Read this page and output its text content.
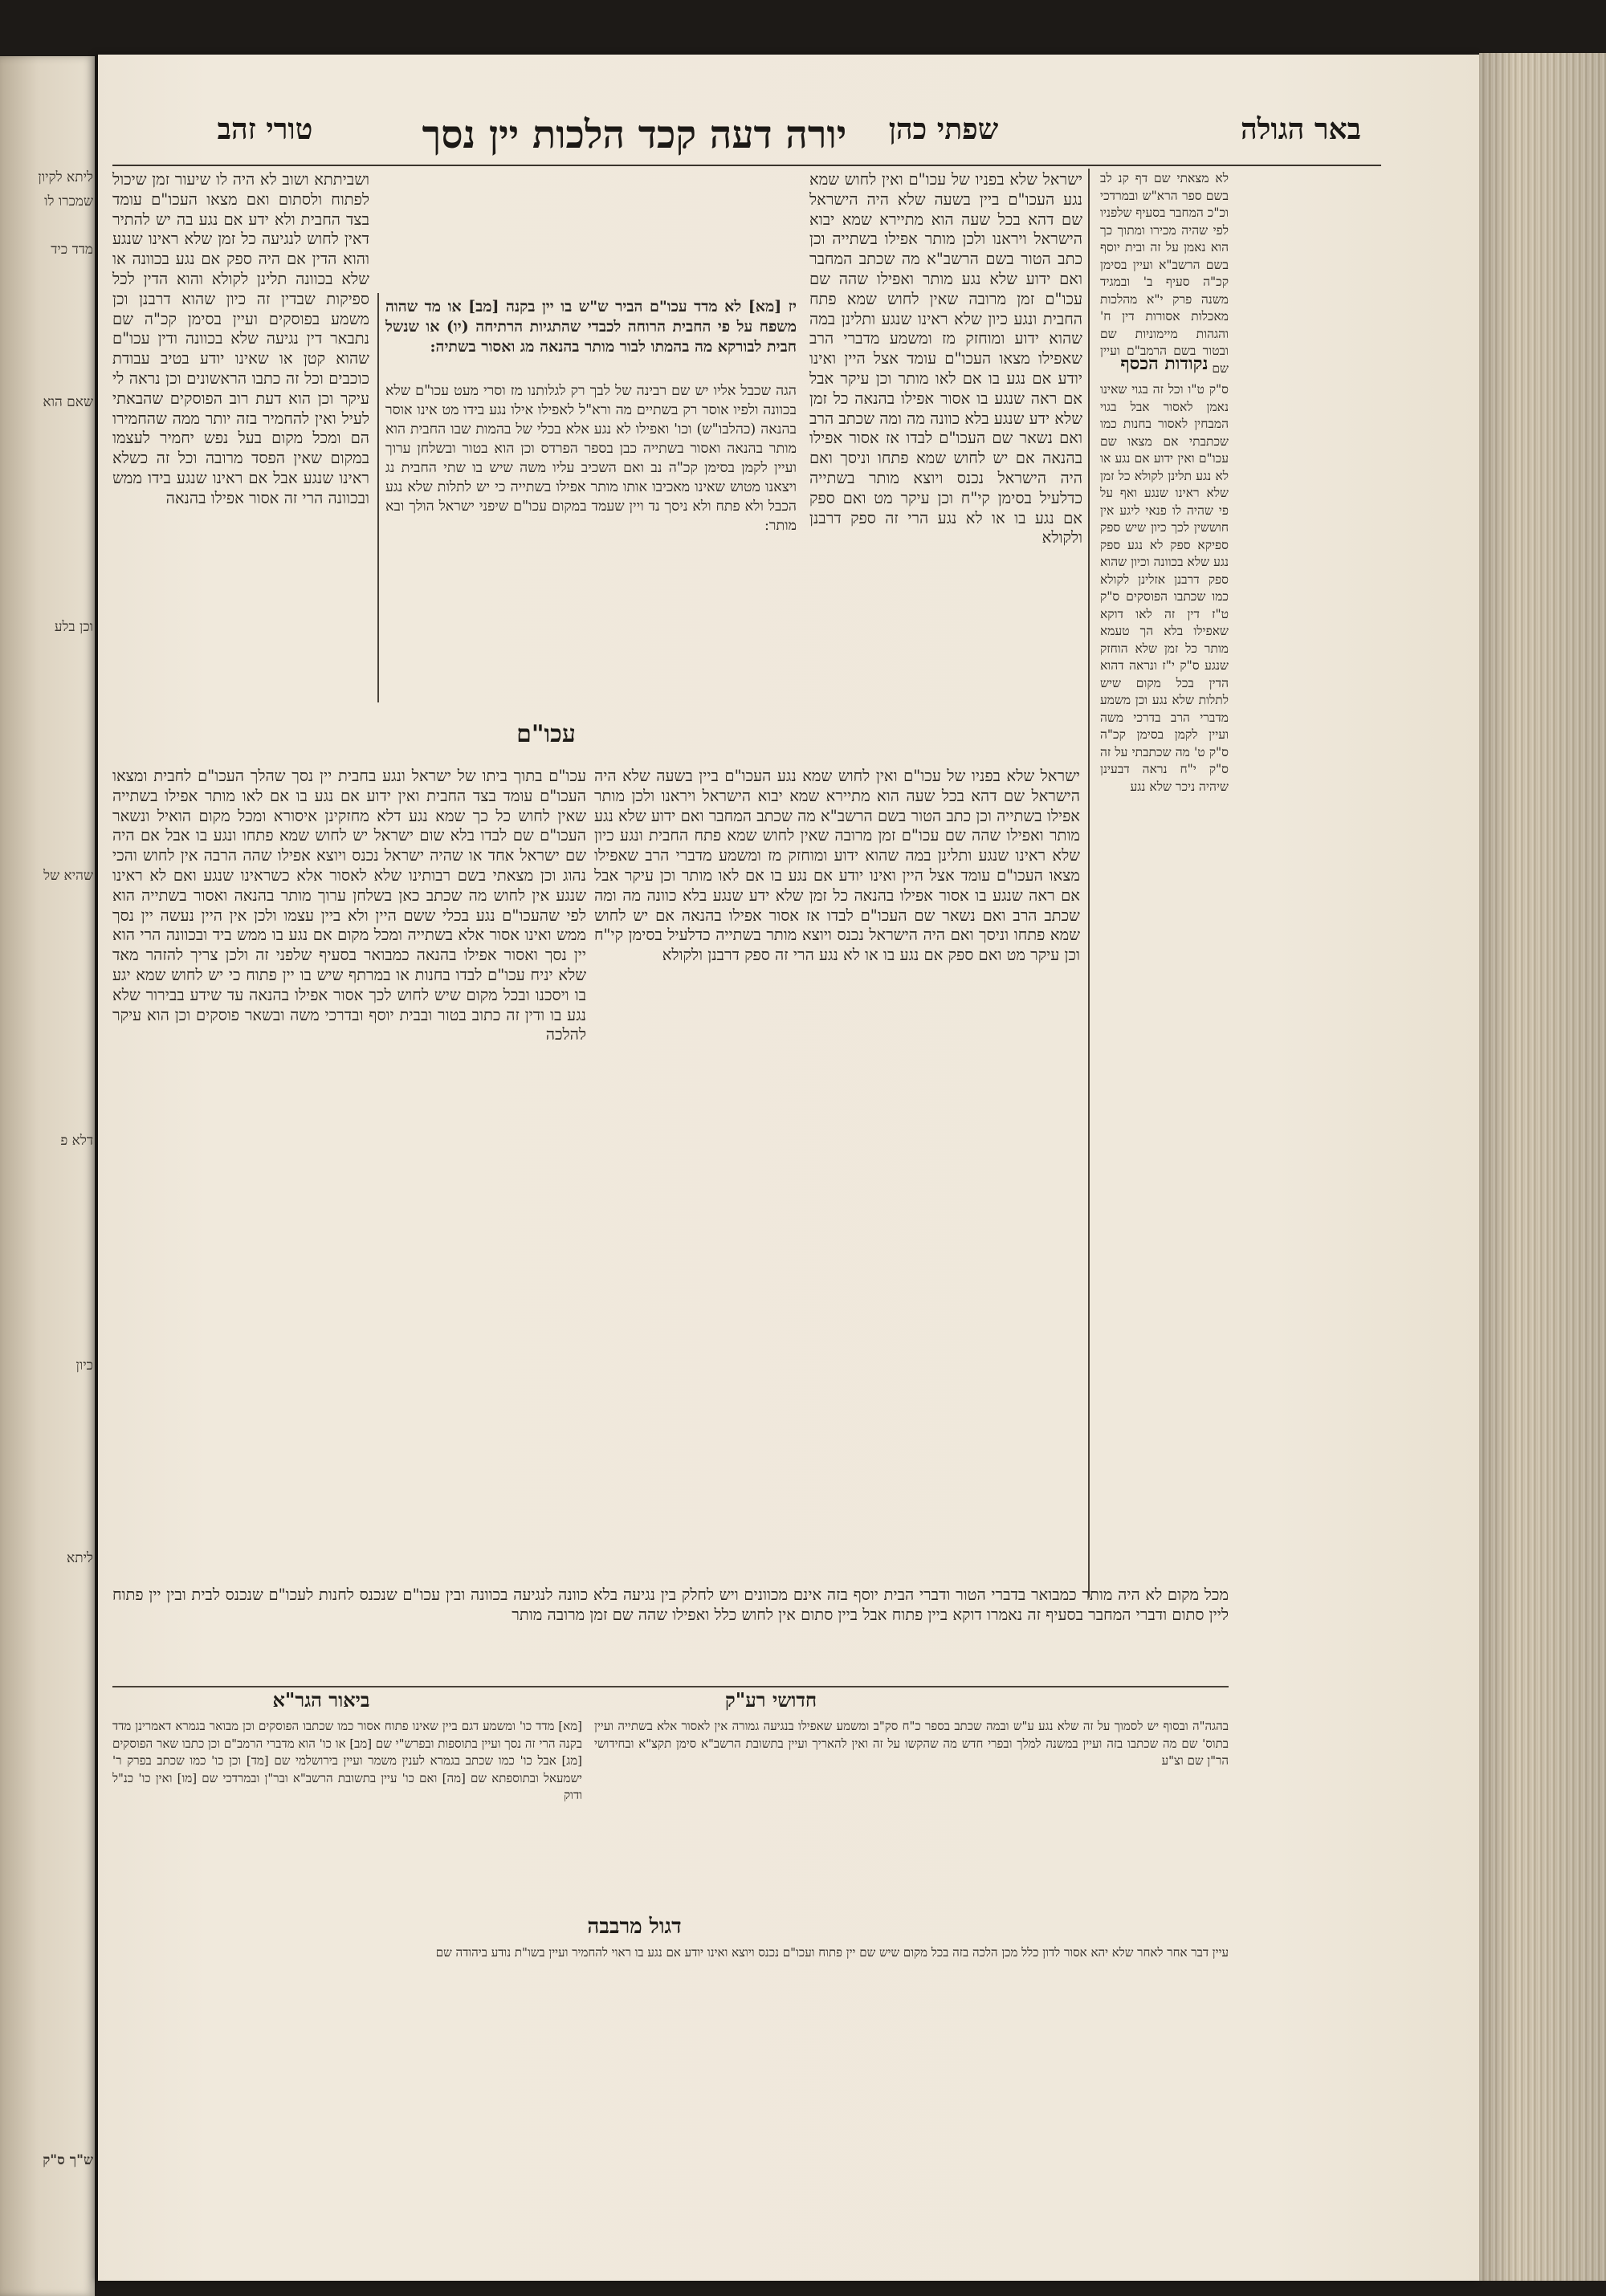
ליתא לקיון
שמכרו לו
מדד כיד
שאם הוא
וכן בלע
שהיא של
דלא פ
כיון
ליתא
ש"ך ס"ק
באר הגולה
שפתי כהן
יורה דעה קכד הלכות יין נסך
טורי זהב
לא מצאתי שם דף קנ לב בשם ספר הרא"ש ובמרדכי וכ"כ המחבר בסעיף שלפניו לפי שהיה מכירו ומתוך כך הוא נאמן על זה ובית יוסף בשם הרשב"א ועיין בסימן קכ"ה סעיף ב' ובמגיד משנה פרק י"א מהלכות מאכלות אסורות דין ח' והגהות מיימוניות שם ובטור בשם הרמב"ם ועיין שם
נקודות הכסף
ס"ק ט"ו וכל זה בגוי שאינו נאמן לאסור אבל בגוי המבחין לאסור בחנות כמו שכתבתי אם מצאו שם עכו"ם ואין ידוע אם נגע או לא נגע תלינן לקולא כל זמן שלא ראינו שנגע ואף על פי שהיה לו פנאי ליגע אין חוששין לכך כיון שיש ספק ספיקא ספק לא נגע ספק נגע שלא בכוונה וכיון שהוא ספק דרבנן אזלינן לקולא כמו שכתבו הפוסקים ס"ק ט"ז דין זה לאו דוקא שאפילו בלא הך טעמא מותר כל זמן שלא הוחזק שנגע ס"ק י"ז ונראה דהוא הדין בכל מקום שיש לתלות שלא נגע וכן משמע מדברי הרב בדרכי משה ועיין לקמן בסימן קכ"ה ס"ק ט' מה שכתבתי על זה ס"ק י"ח נראה דבעינן שיהיה ניכר שלא נגע
ישראל שלא בפניו של עכו"ם ואין לחוש שמא נגע העכו"ם ביין בשעה שלא היה הישראל שם דהא בכל שעה הוא מתיירא שמא יבוא הישראל ויראנו ולכן מותר אפילו בשתייה וכן כתב הטור בשם הרשב"א מה שכתב המחבר ואם ידוע שלא נגע מותר ואפילו שהה שם עכו"ם זמן מרובה שאין לחוש שמא פתח החבית ונגע כיון שלא ראינו שנגע ותלינן במה שהוא ידוע ומוחזק מז ומשמע מדברי הרב שאפילו מצאו העכו"ם עומד אצל היין ואינו יודע אם נגע בו אם לאו מותר וכן עיקר אבל אם ראה שנגע בו אסור אפילו בהנאה כל זמן שלא ידע שנגע בלא כוונה מה ומה שכתב הרב ואם נשאר שם העכו"ם לבדו אז אסור אפילו בהנאה אם יש לחוש שמא פתחו וניסך ואם היה הישראל נכנס ויוצא מותר בשתייה כדלעיל בסימן קי"ח וכן עיקר מט ואם ספק אם נגע בו או לא נגע הרי זה ספק דרבנן ולקולא
יז [מא] לא מדד עכו"ם הביר ש"ש בו יין בקנה [מב] או מד שהוה משפח על פי החבית הרוחה לכבדי שהתגיות הרתיחה (יו) או שנשל חבית לבורקא מה בהמתו לבור מותר בהנאה מג ואסור בשתיה:
הגה שכבל אליו יש שם רבינה של לבך רק לגלותנו מז וסרי מעט עכו"ם שלא בכוונה ולפיו אוסר רק בשתיים מה ורא"ל לאפילו אילו נגע בידו מט אינו אוסר בהנאה (כהלבו"ש) וכו' ואפילו לא נגע אלא בכלי של בהמות שבו החבית הוא מותר בהנאה ואסור בשתייה כבן בספר הפרדס וכן הוא בטור ובשלחן ערוך ועיין לקמן בסימן קכ"ה נב ואם השכיב עליו משה שיש בו שתי החבית נג ויצאנו מטוש שאינו מאכיבו אותו מותר אפילו בשתייה כי יש לתלות שלא נגע הכבל ולא פתח ולא ניסך נד ויין שעמד במקום עכו"ם שיפני ישראל הולך ובא מותר:
ושביתתא ושוב לא היה לו שיעור זמן שיכול לפתוח ולסתום ואם מצאו העכו"ם עומד בצד החבית ולא ידע אם נגע בה יש להתיר דאין לחוש לנגיעה כל זמן שלא ראינו שנגע והוא הדין אם היה ספק אם נגע בכוונה או שלא בכוונה תלינן לקולא והוא הדין לכל ספיקות שבדין זה כיון שהוא דרבנן וכן משמע בפוסקים ועיין בסימן קכ"ה שם נתבאר דין נגיעה שלא בכוונה ודין עכו"ם שהוא קטן או שאינו יודע בטיב עבודת כוכבים וכל זה כתבו הראשונים וכן נראה לי עיקר וכן הוא דעת רוב הפוסקים שהבאתי לעיל ואין להחמיר בזה יותר ממה שהחמירו הם ומכל מקום בעל נפש יחמיר לעצמו במקום שאין הפסד מרובה וכל זה כשלא ראינו שנגע אבל אם ראינו שנגע בידו ממש ובכוונה הרי זה אסור אפילו בהנאה
עכו"ם
ישראל שלא בפניו של עכו"ם ואין לחוש שמא נגע העכו"ם ביין בשעה שלא היה הישראל שם דהא בכל שעה הוא מתיירא שמא יבוא הישראל ויראנו ולכן מותר אפילו בשתייה וכן כתב הטור בשם הרשב"א מה שכתב המחבר ואם ידוע שלא נגע מותר ואפילו שהה שם עכו"ם זמן מרובה שאין לחוש שמא פתח החבית ונגע כיון שלא ראינו שנגע ותלינן במה שהוא ידוע ומוחזק מז ומשמע מדברי הרב שאפילו מצאו העכו"ם עומד אצל היין ואינו יודע אם נגע בו אם לאו מותר וכן עיקר אבל אם ראה שנגע בו אסור אפילו בהנאה כל זמן שלא ידע שנגע בלא כוונה מה ומה שכתב הרב ואם נשאר שם העכו"ם לבדו אז אסור אפילו בהנאה אם יש לחוש שמא פתחו וניסך ואם היה הישראל נכנס ויוצא מותר בשתייה כדלעיל בסימן קי"ח וכן עיקר מט ואם ספק אם נגע בו או לא נגע הרי זה ספק דרבנן ולקולא
עכו"ם בתוך ביתו של ישראל ונגע בחבית יין נסך שהלך העכו"ם לחבית ומצאו העכו"ם עומד בצד החבית ואין ידוע אם נגע בו אם לאו מותר אפילו בשתייה שאין לחוש כל כך שמא נגע דלא מחזקינן איסורא ומכל מקום הואיל ונשאר העכו"ם שם לבדו בלא שום ישראל יש לחוש שמא פתחו ונגע בו אבל אם היה שם ישראל אחד או שהיה ישראל נכנס ויוצא אפילו שהה הרבה אין לחוש והכי נהוג וכן מצאתי בשם רבותינו שלא לאסור אלא כשראינו שנגע ואם לא ראינו שנגע אין לחוש מה שכתב כאן בשלחן ערוך מותר בהנאה ואסור בשתייה הוא לפי שהעכו"ם נגע בכלי ששם היין ולא ביין עצמו ולכן אין היין נעשה יין נסך ממש ואינו אסור אלא בשתייה ומכל מקום אם נגע בו ממש ביד ובכוונה הרי הוא יין נסך ואסור אפילו בהנאה כמבואר בסעיף שלפני זה ולכן צריך להזהר מאד שלא יניח עכו"ם לבדו בחנות או במרתף שיש בו יין פתוח כי יש לחוש שמא יגע בו ויסכנו ובכל מקום שיש לחוש לכך אסור אפילו בהנאה עד שידע בבירור שלא נגע בו ודין זה כתוב בטור ובבית יוסף ובדרכי משה ובשאר פוסקים וכן הוא עיקר להלכה
מכל מקום לא היה מותר כמבואר בדברי הטור ודברי הבית יוסף בזה אינם מכוונים ויש לחלק בין נגיעה בלא כוונה לנגיעה בכוונה ובין עכו"ם שנכנס לחנות לעכו"ם שנכנס לבית ובין יין פתוח ליין סתום ודברי המחבר בסעיף זה נאמרו דוקא ביין פתוח אבל ביין סתום אין לחוש כלל ואפילו שהה שם זמן מרובה מותר
חדושי רע"ק
ביאור הגר"א
בהגה"ה ובסוף יש לסמוך על זה שלא נגע ע"ש ובמה שכתב בספר כ"ח סק"ב ומשמע שאפילו בנגיעה גמורה אין לאסור אלא בשתייה ועיין בתוס' שם מה שכתבו בזה ועיין במשנה למלך ובפרי חדש מה שהקשו על זה ואין להאריך ועיין בתשובת הרשב"א סימן תקצ"א ובחידושי הר"ן שם וצ"ע
[מא] מדד כו' ומשמע דגם ביין שאינו פתוח אסור כמו שכתבו הפוסקים וכן מבואר בגמרא דאמרינן מדד בקנה הרי זה נסך ועיין בתוספות ובפרש"י שם [מב] או כו' הוא מדברי הרמב"ם וכן כתבו שאר הפוסקים [מג] אבל כו' כמו שכתב בגמרא לענין משמר ועיין בירושלמי שם [מד] וכן כו' כמו שכתב בפרק ר' ישמעאל ובתוספתא שם [מה] ואם כו' עיין בתשובת הרשב"א ובר"ן ובמרדכי שם [מו] ואין כו' כנ"ל ודוק
דגול מרבבה
עיין דבר אחר לאחר שלא יהא אסור לדון כלל מכן הלכה בזה בכל מקום שיש שם יין פתוח ועכו"ם נכנס ויוצא ואינו יודע אם נגע בו ראוי להחמיר ועיין בשו"ת נודע ביהודה שם
